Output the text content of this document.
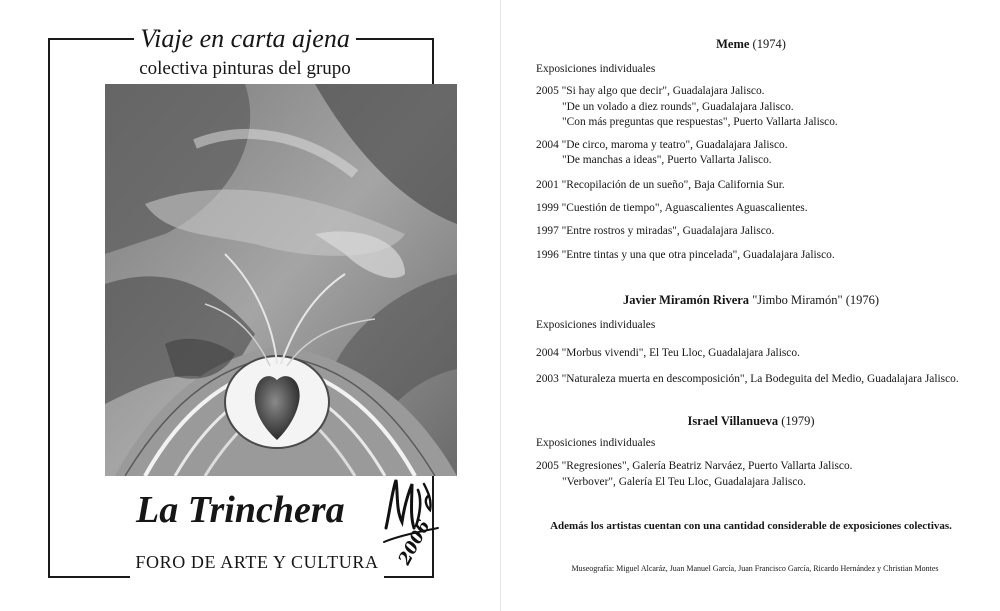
Viaje en carta ajena
colectiva pinturas del grupo
La Trinchera
2006
FORO DE ARTE Y CULTURA
Meme (1974)
Exposiciones individuales
2005 "Si hay algo que decir", Guadalajara Jalisco.
"De un volado a diez rounds", Guadalajara Jalisco.
"Con más preguntas que respuestas", Puerto Vallarta Jalisco.
2004 "De circo, maroma y teatro", Guadalajara Jalisco.
"De manchas a ideas", Puerto Vallarta Jalisco.
2001 "Recopilación de un sueño", Baja California Sur.
1999 "Cuestión de tiempo", Aguascalientes Aguascalientes.
1997 "Entre rostros y miradas", Guadalajara Jalisco.
1996 "Entre tintas y una que otra pincelada", Guadalajara Jalisco.
Javier Miramón Rivera "Jimbo Miramón" (1976)
Exposiciones individuales
2004 "Morbus vivendi", El Teu Lloc, Guadalajara Jalisco.
2003 "Naturaleza muerta en descomposición", La Bodeguita del Medio, Guadalajara Jalisco.
Israel Villanueva (1979)
Exposiciones individuales
2005 "Regresiones", Galería Beatriz Narváez, Puerto Vallarta Jalisco.
"Verbover", Galería El Teu Lloc, Guadalajara Jalisco.
Además los artistas cuentan con una cantidad considerable de exposiciones colectivas.
Museografía: Miguel Alcaráz, Juan Manuel García, Juan Francisco García, Ricardo Hernández y Christian Montes
